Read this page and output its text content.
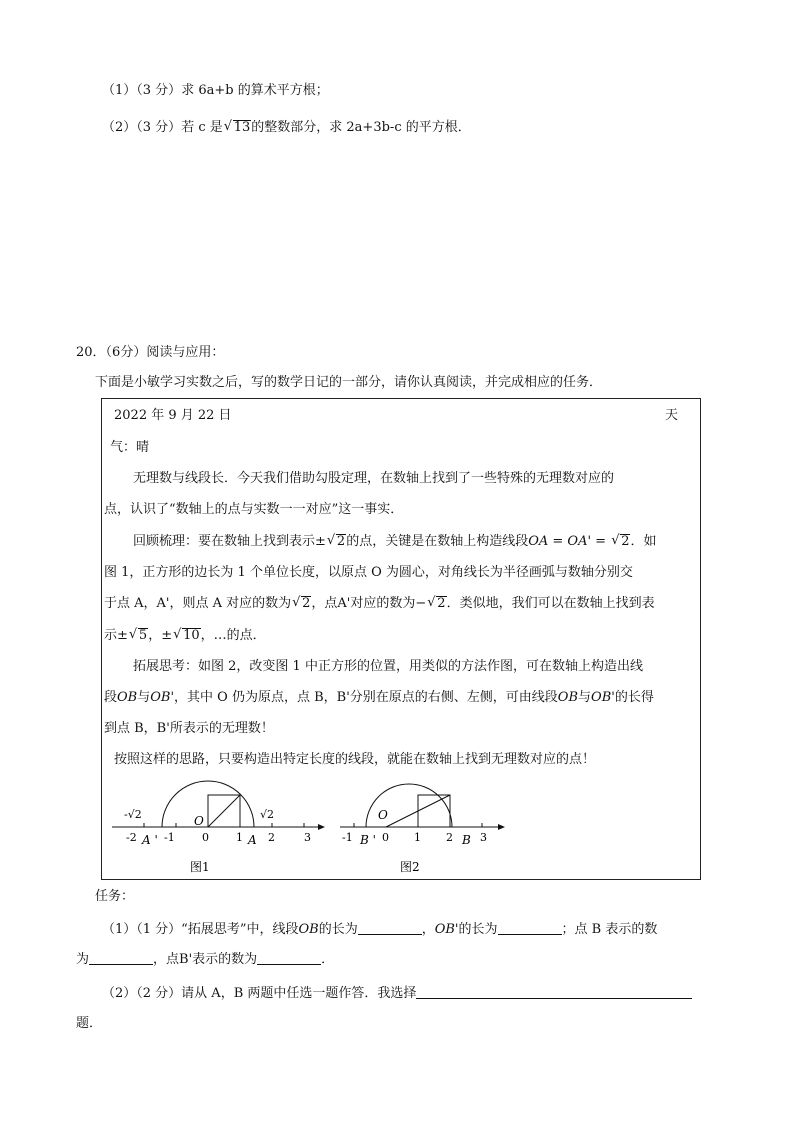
（1）（3 分）求 6a+b 的算术平方根；
（2）（3 分）若 c 是 √ 13的整数部分，求 2a+3b-c 的平方根．
20．（6分）阅读与应用：
下面是小敏学习实数之后，写的数学日记的一部分，请你认真阅读，并完成相应的任务．
2022 年 9 月 22 日	天
气：晴
无理数与线段长．今天我们借助勾股定理，在数轴上找到了一些特殊的无理数对应的
点，认识了“数轴上的点与实数一一对应”这一事实．
回顾梳理：要在数轴上找到表示± √ 2的点，关键是在数轴上构造线段OA = OA' = √ 2．如
图 1，正方形的边长为 1 个单位长度，以原点 O 为圆心，对角线长为半径画弧与数轴分别交
于点 A，A'，则点 A 对应的数为 √ 2，点A'对应的数为− √ 2．类似地，我们可以在数轴上找到表
示± √ 5，± √ 10，…的点．
拓展思考：如图 2，改变图 1 中正方形的位置，用类似的方法作图，可在数轴上构造出线
段OB与OB'，其中 O 仍为原点，点 B，B'分别在原点的右侧、左侧，可由线段OB与OB'的长得
到点 B，B'所表示的无理数！
按照这样的思路，只要构造出特定长度的线段，就能在数轴上找到无理数对应的点！
-√2	√2
O
-2 A ' -1 0 1 A 2	3
图1
O
-1 B ' 0 1 2 B 3
图2
任务：
（1）（1 分）“拓展思考”中，线段OB的长为	，OB'的长为	；点 B 表示的数
为	，点B'表示的数为	．
（2）（2 分）请从 A，B 两题中任选一题作答．我选择
题．
